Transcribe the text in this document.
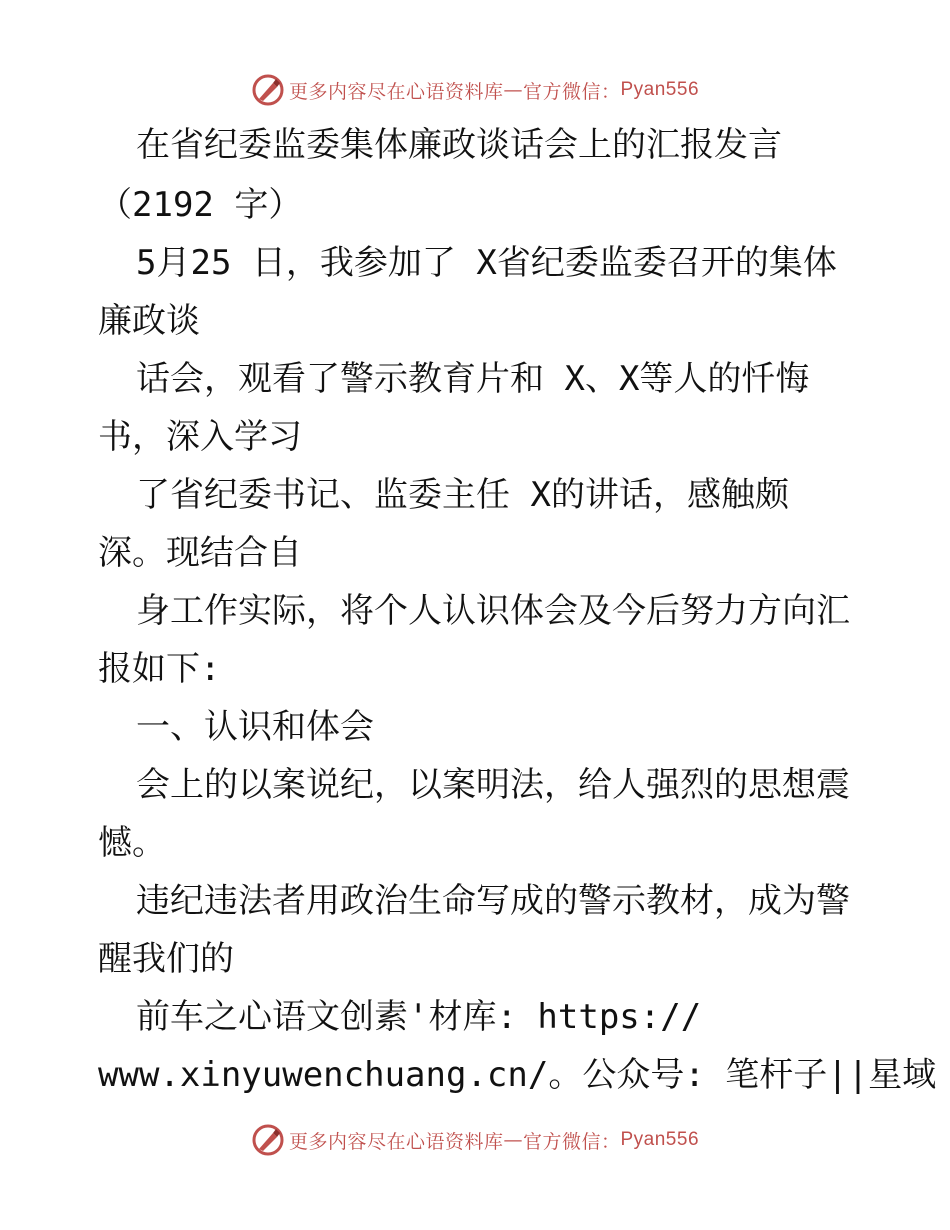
更多内容尽在心语资料库 — 官方微信： Pyan556
在省纪委监委集体廉政谈话会上的汇报发言
（2192 字）
5月25 日，我参加了 X省纪委监委召开的集体
廉政谈
话会，观看了警示教育片和 X、X等人的忏悔
书，深入学习
了省纪委书记、监委主任 X的讲话，感触颇
深。现结合自
身工作实际，将个人认识体会及今后努力方向汇
报如下:
一、认识和体会
会上的以案说纪，以案明法，给人强烈的思想震
憾。
违纪违法者用政治生命写成的警示教材，成为警
醒我们的
前车之心语文创素'材库: https://
www.xinyuwenchuang.cn/。公众号: 笔杆子||星域
更多内容尽在心语资料库 — 官方微信： Pyan556
